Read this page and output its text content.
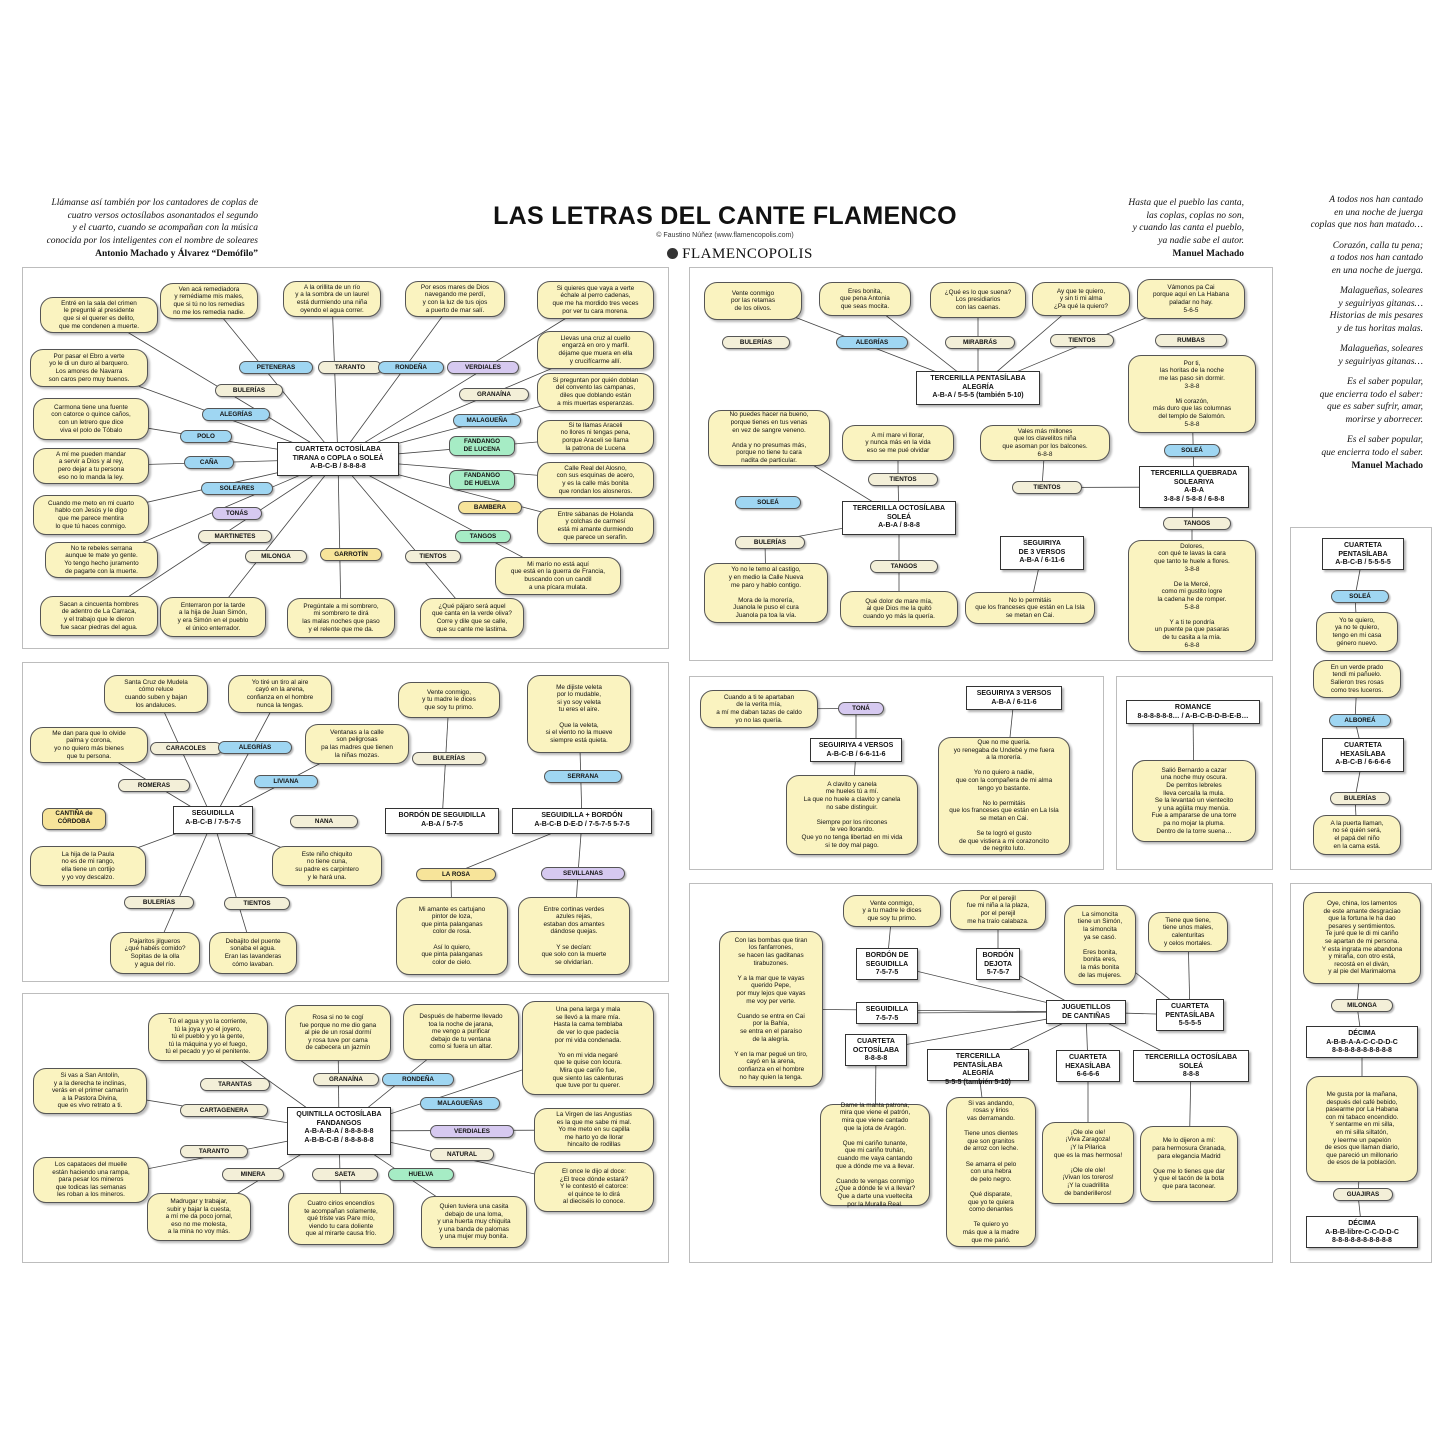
LAS LETRAS DEL CANTE FLAMENCO
© Faustino Núñez (www.flamencopolis.com)
FLAMENCOPOLIS
Llámanse así también por los cantadores de coplas de
cuatro versos octosílabos asonantados el segundo
y el cuarto, cuando se acompañan con la música
conocida por los inteligentes con el nombre de soleares
Antonio Machado y Álvarez “Demófilo”
Hasta que el pueblo las canta,
las coplas, coplas no son,
y cuando las canta el pueblo,
ya nadie sabe el autor.
Manuel Machado
A todos nos han cantado
en una noche de juerga
coplas que nos han matado…
Corazón, calla tu pena;
a todos nos han cantado
en una noche de juerga.
Malagueñas, soleares
y seguiriyas gitanas…
Historias de mis pesares
y de tus horitas malas.
Malagueñas, soleares
y seguiriyas gitanas…
Es el saber popular,
que encierra todo el saber:
que es saber sufrir, amar,
morirse y aborrecer.
Es el saber popular,
que encierra todo el saber.
Manuel Machado
CUARTETA OCTOSÍLABA
TIRANA o COPLA o SOLEÁ
A-B-C-B / 8-8-8-8
Entré en la sala del crimen
le pregunté al presidente
que si el querer es delito,
que me condenen a muerte.
Ven acá remediadora
y remédiame mis males,
que si tú no los remedias
no me los remedia nadie.
A la orillita de un río
y a la sombra de un laurel
está durmiendo una niña
oyendo el agua correr.
Por esos mares de Dios
navegando me perdí,
y con la luz de tus ojos
a puerto de mar salí.
Si quieres que vaya a verte
échale al perro cadenas,
que me ha mordido tres veces
por ver tu cara morena.
Llevas una cruz al cuello
engarzá en oro y marfil.
déjame que muera en ella
y crucifícarme allí.
Por pasar el Ebro a verte
yo le di un duro al barquero.
Los amores de Navarra
son caros pero muy buenos.	Si preguntan por quién doblan
del convento las campanas,
diles que doblando están
a mis muertas esperanzas.
Carmona tiene una fuente
con catorce o quince caños,
con un letrero que dice
viva el polo de Tóbalo
Si te llamas Araceli
no llores ni tengas pena,
porque Araceli se llama
la patrona de Lucena
A mí me pueden mandar
a servir a Dios y al rey,
pero dejar a tu persona
eso no lo manda la ley.
Calle Real del Alosno,
con sus esquinas de acero,
y es la calle más bonita
que rondan los alosneros.
Cuando me meto en mi cuarto
hablo con Jesús y le digo
que me parece mentira
lo que tú haces conmigo.
Entre sábanas de Holanda
y colchas de carmesí
está mi amante durmiendo
que parece un serafín.
No te rebeles serrana
aunque te mate yo gente.
Yo tengo hecho juramento
de pagarte con la muerte.
Mi marío no está aquí
que está en la guerra de Francia,
buscando con un candil
a una pícara mulata.
Sacan a cincuenta hombres
de adentro de La Carraca,
y el trabajo que le dieron
fue sacar piedras del agua.
Enterraron por la tarde
a la hija de Juan Simón,
y era Simón en el pueblo
el único enterrador.
Pregúntale a mi sombrero,
mi sombrero te dirá
las malas noches que paso
y el relente que me da.
¿Qué pájaro será aquel
que canta en la verde oliva?
Corre y dile que se calle,
que su cante me lastima.
PETENERAS	TARANTO	RONDEÑA	VERDIALES
BULERÍAS
GRANAÍNA
ALEGRÍAS
MALAGUEÑA
POLO
FANDANGO
DE LUCENA
CAÑA
FANDANGO
DE HUELVA
SOLEARES
BAMBERA
TONÁS
TANGOS
MARTINETES
MILONGA	GARROTÍN	TIENTOS
SEGUIDILLA
A-B-C-B / 7-5-7-5
Santa Cruz de Mudela
cómo reluce
cuando suben y bajan
los andaluces.
Yo tiré un tiro al aire
cayó en la arena,
confianza en el hombre
nunca la tengas.
Me dan para que lo olvide
palma y corona,
yo no quiero más bienes
que tu persona.
Ventanas a la calle
son peligrosas
pa las madres que tienen
la niñas mozas.
La hija de la Paula
no es de mi rango,
ella tiene un cortijo
y yo voy descalzo.
Este niño chiquito
no tiene cuna,
su padre es carpintero
y le hará una.
Pajaritos jilgueros
¿qué habéis comido?
Sopitas de la olla
y agua del río.
Debajito del puente
sonaba el agua.
Eran las lavanderas
cómo lavaban.
CARACOLES	ALEGRÍAS
LIVIANA
ROMERAS
CANTIÑA de
CÓRDOBA	NANA
BULERÍAS	TIENTOS
BORDÓN DE SEGUIDILLA
A-B-A / 5-7-5
Vente conmigo,
y tu madre le dices
que soy tu primo.
BULERÍAS
SEGUIDILLA + BORDÓN
A-B-C-B D-E-D / 7-5-7-5 5-7-5
Me dijiste veleta
por lo mudable,
si yo soy veleta
tu eres el aire.

Que la veleta,
si el viento no la mueve
siempre está quieta.
SERRANA
SEVILLANAS
LA ROSA
Mi amante es cartujano
pintor de loza,
que pinta palanganas
color de rosa.

Así lo quiero,
que pinta palanganas
color de cielo.
Entre cortinas verdes
azules rejas,
estaban dos amantes
dándose quejas.

Y se decían:
que solo con la muerte
se olvidarían.
QUINTILLA OCTOSÍLABA
FANDANGOS
A-B-A-B-A / 8-8-8-8-8
A-B-B-C-B / 8-8-8-8-8
Tú el agua y yo la corriente,
tú la joya y yo el joyero,
tú el pueblo y yo la gente,
tú la máquina y yo el fuego,
tú el pecado y yo el penitente.
Rosa si no te cogí
fue porque no me dio gana
al pie de un rosal dormí
y rosa tuve por cama
de cabecera un jazmín
Después de haberme llevado
toa la noche de jarana,
me vengo a purificar
debajo de tu ventana
como si fuera un altar.
Una pena larga y mala
se llevó a la mare mía.
Hasta la cama temblaba
de ver lo que padecía
por mi vida condenada.

Yo en mi vida negaré
que te quise con locura.
Mira que cariño fue,
que siento las calenturas
que tuve por tu querer.
Si vas a San Antolín,
y a la derecha te inclinas,
verás en el primer camarín
a la Pastora Divina,
que es vivo retrato a ti.
La Virgen de las Angustias
es la que me sabe mi mal.
Yo me meto en su capilla
me harto yo de llorar
hincaíto de rodillas
Los capataces del muelle
están haciendo una rampa,
para pesar los mineros
que todicas las semanas
les roban a los mineros.
El once le dijo al doce:
¿El trece dónde estará?
Y le contestó el catorce:
el quince te lo dirá
al dieciséis lo conoce.
Madrugar y trabajar,
subir y bajar la cuesta,
a mí me da poco jornal,
eso no me molesta,
a la mina no voy más.
Cuatro cirios encendíos
te acompañan solamente,
qué triste vas Pare mío,
viendo tu cara doliente
que al mirarte causa frío.
Quien tuviera una casita
debajo de una loma,
y una huerta muy chiquita
y una banda de palomas
y una mujer muy bonita.
TARANTAS
GRANAÍNA	RONDEÑA
CARTAGENERA
MALAGUEÑAS
VERDIALES
TARANTO	NATURAL
MINERA	SAETA	HUELVA
TERCERILLA PENTASÍLABA
ALEGRÍA
A-B-A / 5-5-5 (también 5-10)
Vente conmigo
por las retamas
de los olivos.
Eres bonita,
que pena Antonia
que seas mocita.
¿Qué es lo que suena?
Los presidiarios
con las caenas.
Ay que te quiero,
y sin ti mi alma
¿Pa qué la quiero?
Vámonos pa Cai
porque aquí en La Habana
paladar no hay.
5-6-5
BULERÍAS	ALEGRÍAS	MIRABRÁS	TIENTOS	RUMBAS
Por ti,
las horitas de la noche
me las paso sin dormir.
3-8-8

Mi corazón,
más duro que las columnas
del templo de Salomón.
5-8-8
SOLEÁ
TERCERILLA QUEBRADA
SOLEARIYA
A-B-A
3-8-8 / 5-8-8 / 6-8-8
No puedes hacer na bueno,
porque tienes en tus venas
en vez de sangre veneno.

Anda y no presumas más,
porque no tiene tu cara
nadita de particular.
A mí mare vi llorar,
y nunca más en la vida
eso se me pué olvidar
Vales más millones
que los clavelitos niña
que asoman por los balcones.
6-8-8
TIENTOS
TIENTOS
SOLEÁ
TERCERILLA OCTOSÍLABA
SOLEÁ
A-B-A / 8-8-8
BULERÍAS
TANGOS
SEGUIRIYA
DE 3 VERSOS
A-B-A / 6-11-6
TANGOS
Yo no le temo al castigo,
y en medio la Calle Nueva
me paro y hablo contigo.

Mora de la morería,
Juanola le puso el cura
Juanola pa toa la vía.
Qué dolor de mare mía,
al que Dios me la quitó
cuando yo más la quería.
No lo permitáis
que los franceses que están en La Isla
se metan en Cai.
Dolores,
con qué te lavas la cara
que tanto te huele a flores.
3-8-8

De la Mercé,
como mi gustito logre
la cadena he de romper.
5-8-8

Y a ti te pondría
un puente pa que pasaras
de tu casita a la mía.
6-8-8
Cuando a ti te apartaban
de la verita mía,
a mí me daban tazas de caldo
yo no las quería.
TONÁ
SEGUIRIYA 4 VERSOS
A-B-C-B / 6-6-11-6
A clavito y canela
me hueles tú a mí.
La que no huele a clavito y canela
no sabe distinguir.

Siempre por los rincones
te veo llorando.
Que yo no tenga libertad en mi vida
si te doy mal pago.
SEGUIRIYA 3 VERSOS
A-B-A / 6-11-6
Que no me quería.
yo renegaba de Undebé y me fuera
a la morería.

Yo no quiero a nadie,
que con la compañera de mi alma
tengo yo bastante.

No lo permitáis
que los franceses que están en La Isla
se metan en Cai.

Se te logró el gusto
de que vistiera a mi corazoncito
de negrito luto.
ROMANCE
8-8-8-8-8-8… / A-B-C-B-D-B-E-B…
Salió Bernardo a cazar
una noche muy oscura.
De perritos lebreles
lleva cercaíla la mula.
Se la levantaó un vientecito
y una agüita muy menúa.
Fue a ampararse de una torre
pa no mojar la pluma.
Dentro de la torre suena…
JUGUETILLOS
DE CANTIÑAS
Vente conmigo,
y a tu madre le dices
que soy tu primo.
Por el perejil
fue mi niña a la plaza,
por el perejil
me ha traío calabaza.
La simoncita
tiene un Simón,
la simoncita
ya se casó.

Eres bonita,
bonita eres,
la más bonita
de las mujeres.
Tiene que tiene,
tiene unos males,
calenturitas
y celos mortales.
BORDÓN DE
SEGUIDILLA
7-5-7-5
BORDÓN
DEJOTA
5-7-5-7
SEGUIDILLA
7-5-7-5
CUARTETA
PENTASÍLABA
5-5-5-5
Con las bombas que tiran
los fanfarrones,
se hacen las gaditanas
tirabuzones.

Y a la mar que te vayas
querido Pepe,
por muy lejos que vayas
me voy per verte.

Cuando se entra en Cai
por la Bahía,
se entra en el paraíso
de la alegría.

Y en la mar pegué un tiro,
cayó en la arena,
confianza en el hombre
no hay quien la tenga.
CUARTETA
OCTOSÍLABA
8-8-8-8	TERCERILLA PENTASÍLABA
ALEGRÍA
5-5-5 (también 5-10)
CUARTETA
HEXASÍLABA
6-6-6-6
TERCERILLA OCTOSÍLABA
SOLEÁ
8-8-8
Dame la manta patrona,
mira que viene el patrón,
mira que viene cantado
que la jota de Aragón.

Que mi cariño tunante,
que mi cariño truhán,
cuando me vaya cantando
que a dónde me va a llevar.

Cuando te vengas conmigo
¿Que a dónde te vi a llevar?
Que a darte una vueltecita
por la Muralla Real.
Si vas andando,
rosas y lirios
vas derramando.

Tiene unos dientes
que son granitos
de arroz con leche.

Se amarra el pelo
con una hebra
de pelo negro.

Qué disparate,
que yo te quiera
como denantes

Te quiero yo
más que a la madre
que me parió.
¡Ole ole ole!
¡Viva Zaragoza!
¡Y la Pilarica
que es la mas hermosa!

¡Ole ole ole!
¡Vivan los toreros!
¡Y la cuadrillita
de banderilleros!
Me lo dijeron a mí:
para hermosura Granada,
para elegancia Madrid

Que me lo tienes que dar
y que el tacón de la bota
que para taconear.
CUARTETA
PENTASÍLABA
A-B-C-B / 5-5-5-5
SOLEÁ
Yo te quiero,
ya no te quiero,
tengo en mi casa
género nuevo.
En un verde prado
tendí mi pañuelo.
Salieron tres rosas
como tres luceros.
ALBOREÁ
CUARTETA
HEXASÍLABA
A-B-C-B / 6-6-6-6
BULERÍAS
A la puerta llaman,
no sé quién será,
el papá del niño
en la cama está.
Oye, china, los lamentos
de este amante desgraciao
que la fortuna le ha dao
pesares y sentimientos.
Te juré que le di mi cariño
se apartan de mi persona.
Y esta ingrata me abandona
y miraña, con otro está,
recostá en el diván,
y al pie del Marimaloma
MILONGA
DÉCIMA
A-B-B-A-A-C-C-D-D-C
8-8-8-8-8-8-8-8-8-8
Me gusta por la mañana,
después del café bebido,
pasearme por La Habana
con mi tabaco encendido.
Y sentarme en mi silla,
en mi silla siltatón,
y leerme un papelón
de esos que llaman diario,
que pareció un millonario
de esos de la población.
GUAJIRAS
DÉCIMA
A-B-B-libre-C-C-D-D-C
8-8-8-8-8-8-8-8-8-8
